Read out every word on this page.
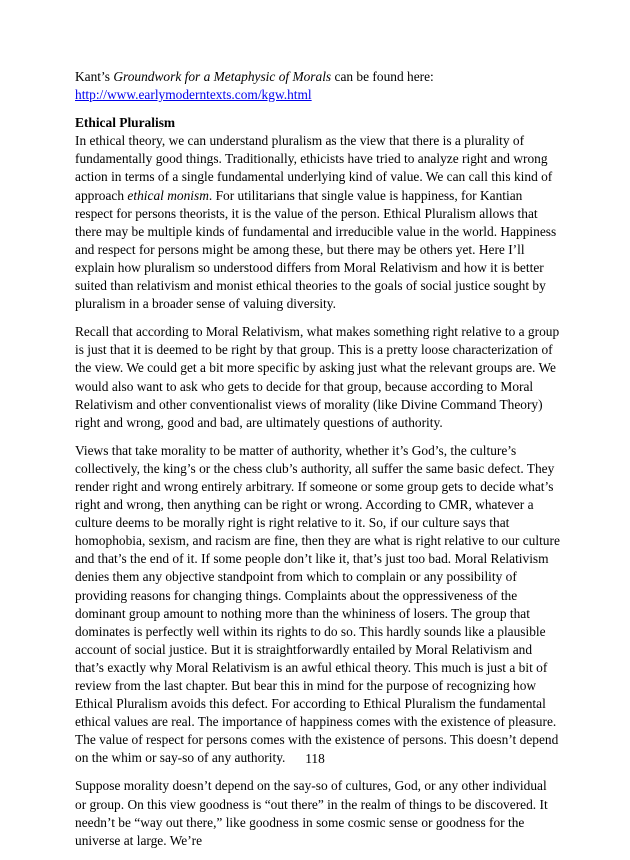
Kant’s Groundwork for a Metaphysic of Morals can be found here:
http://www.earlymoderntexts.com/kgw.html

Ethical Pluralism
In ethical theory, we can understand pluralism as the view that there is a plurality of fundamentally good things. Traditionally, ethicists have tried to analyze right and wrong action in terms of a single fundamental underlying kind of value. We can call this kind of approach ethical monism. For utilitarians that single value is happiness, for Kantian respect for persons theorists, it is the value of the person. Ethical Pluralism allows that there may be multiple kinds of fundamental and irreducible value in the world. Happiness and respect for persons might be among these, but there may be others yet. Here I’ll explain how pluralism so understood differs from Moral Relativism and how it is better suited than relativism and monist ethical theories to the goals of social justice sought by pluralism in a broader sense of valuing diversity.

Recall that according to Moral Relativism, what makes something right relative to a group is just that it is deemed to be right by that group. This is a pretty loose characterization of the view. We could get a bit more specific by asking just what the relevant groups are. We would also want to ask who gets to decide for that group, because according to Moral Relativism and other conventionalist views of morality (like Divine Command Theory) right and wrong, good and bad, are ultimately questions of authority.

Views that take morality to be matter of authority, whether it’s God’s, the culture’s collectively, the king’s or the chess club’s authority, all suffer the same basic defect. They render right and wrong entirely arbitrary. If someone or some group gets to decide what’s right and wrong, then anything can be right or wrong. According to CMR, whatever a culture deems to be morally right is right relative to it. So, if our culture says that homophobia, sexism, and racism are fine, then they are what is right relative to our culture and that’s the end of it. If some people don’t like it, that’s just too bad. Moral Relativism denies them any objective standpoint from which to complain or any possibility of providing reasons for changing things. Complaints about the oppressiveness of the dominant group amount to nothing more than the whininess of losers. The group that dominates is perfectly well within its rights to do so. This hardly sounds like a plausible account of social justice. But it is straightforwardly entailed by Moral Relativism and that’s exactly why Moral Relativism is an awful ethical theory. This much is just a bit of review from the last chapter. But bear this in mind for the purpose of recognizing how Ethical Pluralism avoids this defect. For according to Ethical Pluralism the fundamental ethical values are real. The importance of happiness comes with the existence of pleasure. The value of respect for persons comes with the existence of persons. This doesn’t depend on the whim or say-so of any authority.

Suppose morality doesn’t depend on the say-so of cultures, God, or any other individual or group. On this view goodness is “out there” in the realm of things to be discovered. It needn’t be “way out there,” like goodness in some cosmic sense or goodness for the universe at large. We’re

118
